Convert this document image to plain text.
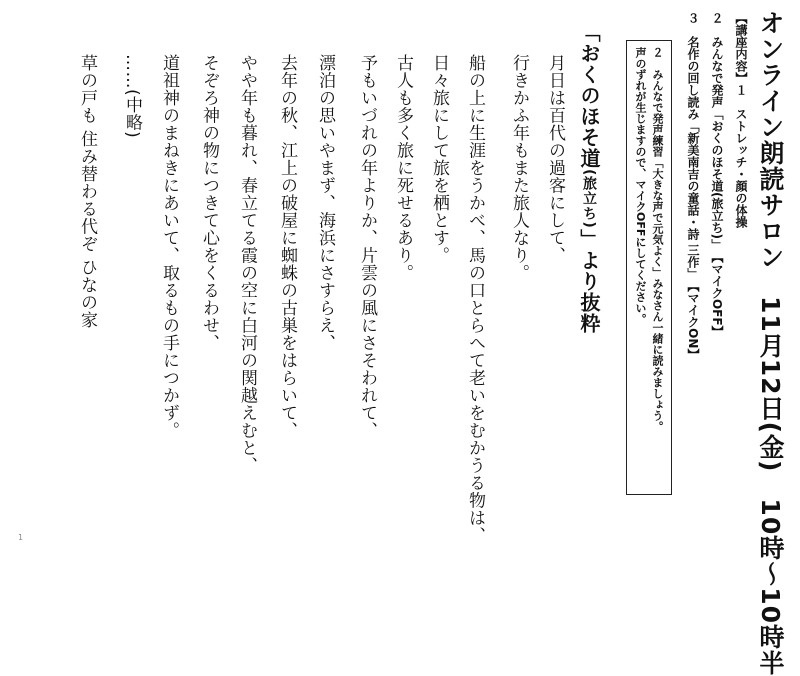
オンライン朗読サロン　11月12日(金)　10時〜10時半
【講座内容】１　ストレッチ・顔の体操
２　みんなで発声「おくのほそ道(旅立ち)」　【マイクOFF】
３　名作の回し読み「新美南吉の童話・詩 三作」　【マイクON】
２　みんなで発声練習「大きな声で元気よく」みなさん一緒に読みましょう。
声のずれが生じますので、マイクOFFにしてください。
「おくのほそ道(旅立ち)」より抜粋
月日は百代の過客にして、
行きかふ年もまた旅人なり。
船の上に生涯をうかべ、馬の口とらへて老いをむかうる物は、
日々旅にして旅を栖とす。
古人も多く旅に死せるあり。
予もいづれの年よりか、片雲の風にさそわれて、
漂泊の思いやまず、海浜にさすらえ、
去年の秋、江上の破屋に蜘蛛の古巣をはらいて、
やや年も暮れ、春立てる霞の空に白河の関越えむと、
そぞろ神の物につきて心をくるわせ、
道祖神のまねきにあいて、取るもの手につかず。
……(中略)
草の戸も 住み替わる代ぞ ひなの家
1
